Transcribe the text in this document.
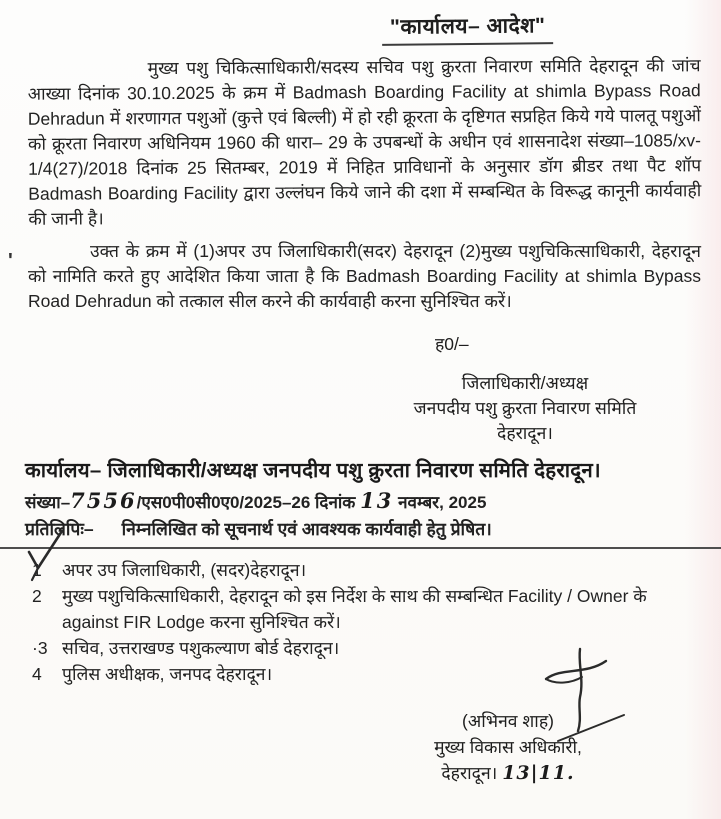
"कार्यालय– आदेश"

मुख्य पशु चिकित्साधिकारी/सदस्य सचिव पशु क्रुरता निवारण समिति देहरादून की जांच आख्या दिनांक 30.10.2025 के क्रम में Badmash Boarding Facility at shimla Bypass Road Dehradun में शरणागत पशुओं (कुत्ते एवं बिल्ली) में हो रही क्रूरता के दृष्टिगत सप्रहित किये गये पालतू पशुओं को क्रूरता निवारण अधिनियम 1960 की धारा– 29 के उपबन्धों के अधीन एवं शासनादेश संख्या–1085/xv-1/4(27)/2018 दिनांक 25 सितम्बर, 2019 में निहित प्राविधानों के अनुसार डॉग ब्रीडर तथा पैट शॉप Badmash Boarding Facility द्वारा उल्लंघन किये जाने की दशा में सम्बन्धित के विरूद्ध कानूनी कार्यवाही की जानी है।

'	उक्त के क्रम में (1)अपर उप जिलाधिकारी(सदर) देहरादून (2)मुख्य पशुचिकित्साधिकारी, देहरादून को नामिति करते हुए आदेशित किया जाता है कि Badmash Boarding Facility at shimla Bypass Road Dehradun को तत्काल सील करने की कार्यवाही करना सुनिश्चित करें।

ह0/–
जिलाधिकारी/अध्यक्ष
जनपदीय पशु क्रुरता निवारण समिति
देहरादून।
कार्यालय– जिलाधिकारी/अध्यक्ष जनपदीय पशु क्रुरता निवारण समिति देहरादून।
संख्या–7556/एस0पी0सी0ए0/2025–26 दिनांक 13 नवम्बर, 2025
प्रतिलिपिः– निम्नलिखित को सूचनार्थ एवं आवश्यक कार्यवाही हेतु प्रेषित।
1	अपर उप जिलाधिकारी, (सदर)देहरादून।
2	मुख्य पशुचिकित्साधिकारी, देहरादून को इस निर्देश के साथ की सम्बन्धित Facility / Owner के against FIR Lodge करना सुनिश्चित करें।
·3 सचिव, उत्तराखण्ड पशुकल्याण बोर्ड देहरादून।
4	पुलिस अधीक्षक, जनपद देहरादून।
(अभिनव शाह)
मुख्य विकास अधिकारी,
देहरादून। 13|11.
